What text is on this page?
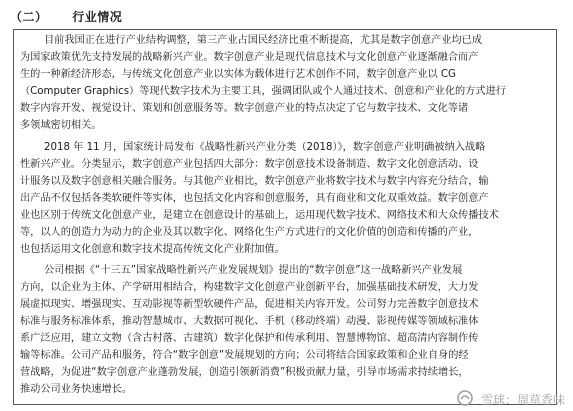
（二） 行业情况
目前我国正在进行产业结构调整，第三产业占国民经济比重不断提高，尤其是数字创意产业均已成
为国家政策优先支持发展的战略新兴产业。数字创意产业是现代信息技术与文化创意产业逐渐融合而产
生的一种新经济形态，与传统文化创意产业以实体为载体进行艺术创作不同，数字创意产业以 CG
（Computer Graphics）等现代数字技术为主要工具，强调团队或个人通过技术、创意和产业化的方式进行
数字内容开发、视觉设计、策划和创意服务等。数字创意产业的特点决定了它与数字技术、文化等诸
多领域密切相关。
2018 年 11 月，国家统计局发布《战略性新兴产业分类（2018）》，数字创意产业明确被纳入战略
性新兴产业。分类显示，数字创意产业包括四大部分：数字创意技术设备制造、数字文化创意活动、设
计服务以及数字创意相关融合服务。与其他产业相比，数字创意产业将数字技术与数字内容充分结合，输
出产品不仅包括各类软硬件等实体，也包括文化内容和创意服务，具有商业和文化双重效益。数字创意产
业也区别于传统文化创意产业，是建立在创意设计的基础上，运用现代数字技术、网络技术和大众传播技术
等，以人的创造力为动力的企业及其以数字化、网络化生产方式进行的文化价值的创造和传播的产业，
也包括运用文化创意和数字技术提高传统文化产业附加值。
公司根据《“十三五”国家战略性新兴产业发展规划》提出的“数字创意”这一战略新兴产业发展
方向，以企业为主体、产学研用相结合，构建数字文化创意产业创新平台，加强基础技术研发，大力发
展虚拟现实、增强现实、互动影视等新型软硬件产品，促进相关内容开发。公司努力完善数字创意技术
标准与服务标准体系，推动智慧城市、大数据可视化、手机（移动终端）动漫、影视传媒等领域标准体
系广泛应用，建立文物（含古村落、古建筑）数字化保护和传承利用、智慧博物馆、超高清内容制作传
输等标准。公司产品和服务，符合“数字创意”发展规划的方向；公司将结合国家政策和企业自身的经
营战略，为促进“数字创意产业蓬勃发展，创造引领新消费”积极贡献力量，引导市场需求持续增长，
推动公司业务快速增长。
雪球：周草香味
